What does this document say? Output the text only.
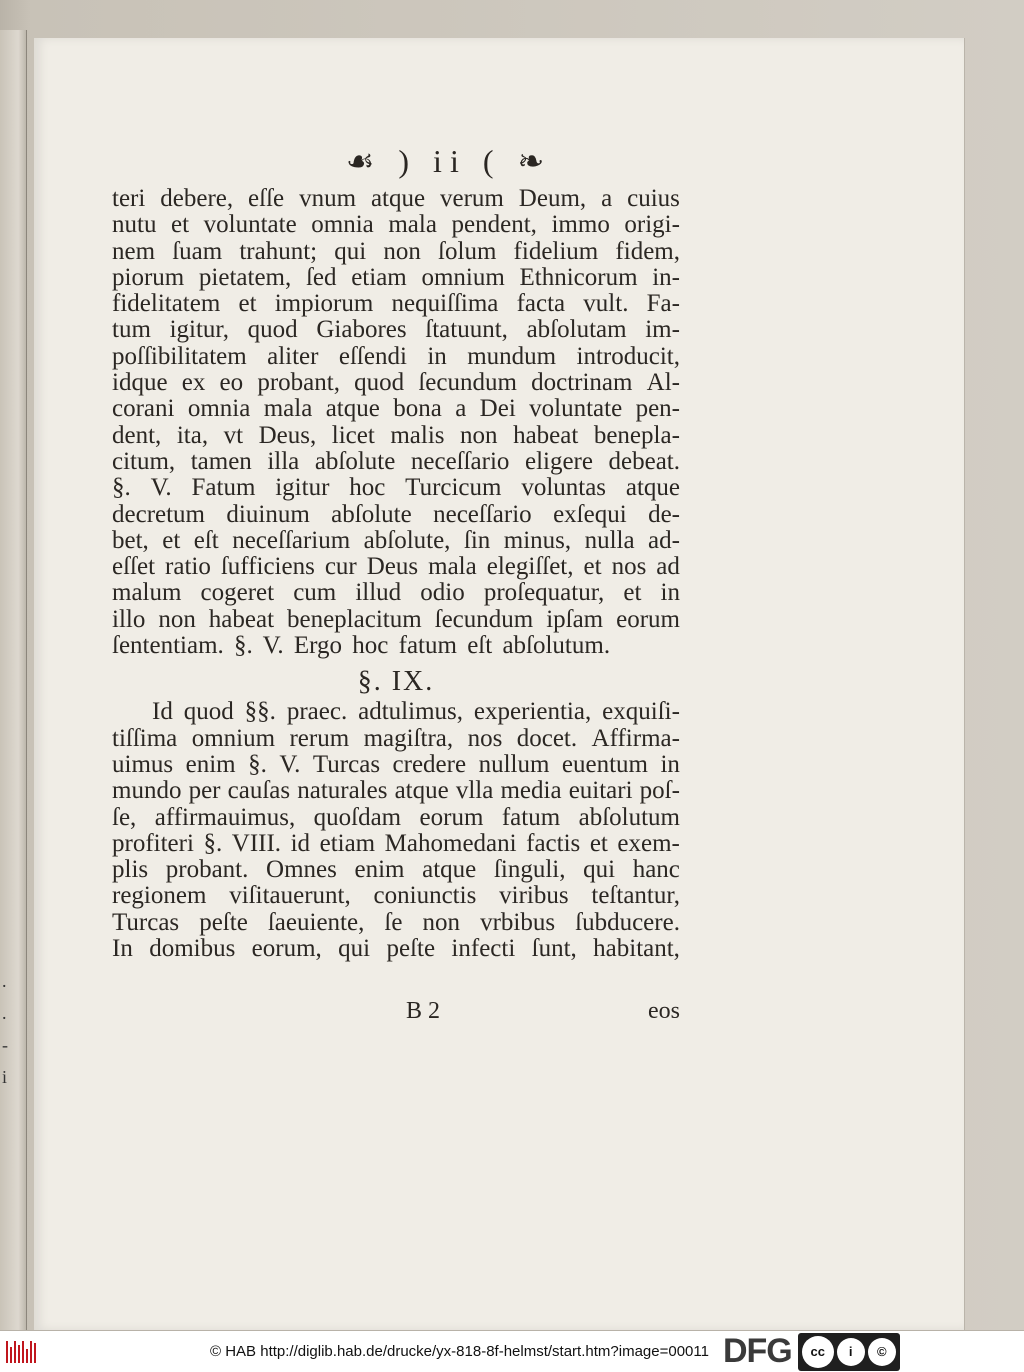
.
.
-
i
☙ ) ii ( ❧
teri debere, eſſe vnum atque verum Deum, a cuius
nutu et voluntate omnia mala pendent, immo origi-
nem ſuam trahunt; qui non ſolum fidelium fidem,
piorum pietatem, ſed etiam omnium Ethnicorum in-
fidelitatem et impiorum nequiſſima facta vult. Fa-
tum igitur, quod Giabores ſtatuunt, abſolutam im-
poſſibilitatem aliter eſſendi in mundum introducit,
idque ex eo probant, quod ſecundum doctrinam Al-
corani omnia mala atque bona a Dei voluntate pen-
dent, ita, vt Deus, licet malis non habeat benepla-
citum, tamen illa abſolute neceſſario eligere debeat.
§. V. Fatum igitur hoc Turcicum voluntas atque
decretum diuinum abſolute neceſſario exſequi de-
bet, et eſt neceſſarium abſolute, ſin minus, nulla ad-
eſſet ratio ſufficiens cur Deus mala elegiſſet, et nos ad
malum cogeret cum illud odio proſequatur, et in
illo non habeat beneplacitum ſecundum ipſam eorum
ſententiam. §. V. Ergo hoc fatum eſt abſolutum.
§. IX.
Id quod §§. praec. adtulimus, experientia, exquiſi-
tiſſima omnium rerum magiſtra, nos docet. Affirma-
uimus enim §. V. Turcas credere nullum euentum in
mundo per cauſas naturales atque vlla media euitari poſ-
ſe, affirmauimus, quoſdam eorum fatum abſolutum
profiteri §. VIII. id etiam Mahomedani factis et exem-
plis probant. Omnes enim atque ſinguli, qui hanc
regionem viſitauerunt, coniunctis viribus teſtantur,
Turcas peſte ſaeuiente, ſe non vrbibus ſubducere.
In domibus eorum, qui peſte infecti ſunt, habitant,
B 2	eos
© HAB http://diglib.hab.de/drucke/yx-818-8f-helmst/start.htm?image=00011 DFG	cc	i	©
